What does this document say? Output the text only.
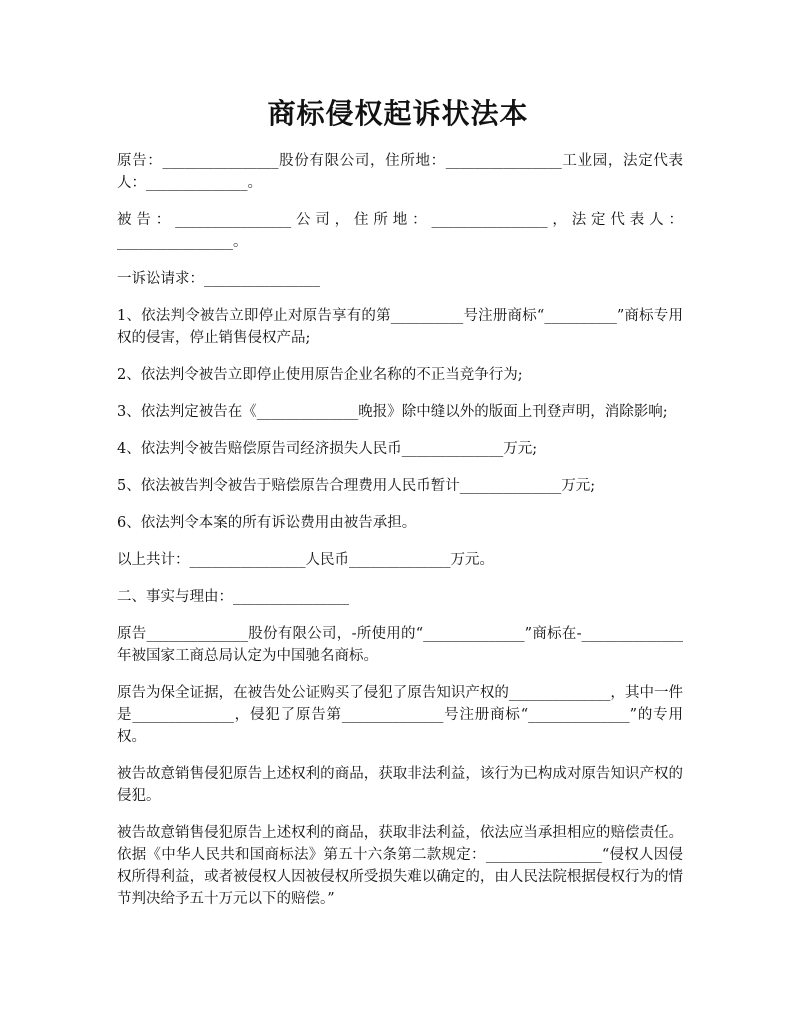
商标侵权起诉状法本

原告：________________股份有限公司，住所地：________________工业园，法定代表人：______________。

被告：________________公司，住所地：________________，法定代表人：________________。

一诉讼请求：________________

1、依法判令被告立即停止对原告享有的第__________号注册商标“__________”商标专用权的侵害，停止销售侵权产品;

2、依法判令被告立即停止使用原告企业名称的不正当竞争行为;

3、依法判定被告在《______________晚报》除中缝以外的版面上刊登声明，消除影响;

4、依法判令被告赔偿原告司经济损失人民币______________万元;

5、依法被告判令被告于赔偿原告合理费用人民币暂计______________万元;

6、依法判令本案的所有诉讼费用由被告承担。

以上共计：________________人民币______________万元。

二、事实与理由：________________

原告______________股份有限公司，-所使用的“______________”商标在-______________年被国家工商总局认定为中国驰名商标。

原告为保全证据，在被告处公证购买了侵犯了原告知识产权的______________，其中一件是______________，侵犯了原告第______________号注册商标“______________”的专用权。

被告故意销售侵犯原告上述权利的商品，获取非法利益，该行为已构成对原告知识产权的侵犯。

被告故意销售侵犯原告上述权利的商品，获取非法利益，依法应当承担相应的赔偿责任。依据《中华人民共和国商标法》第五十六条第二款规定：________________“侵权人因侵权所得利益，或者被侵权人因被侵权所受损失难以确定的，由人民法院根据侵权行为的情节判决给予五十万元以下的赔偿。”
